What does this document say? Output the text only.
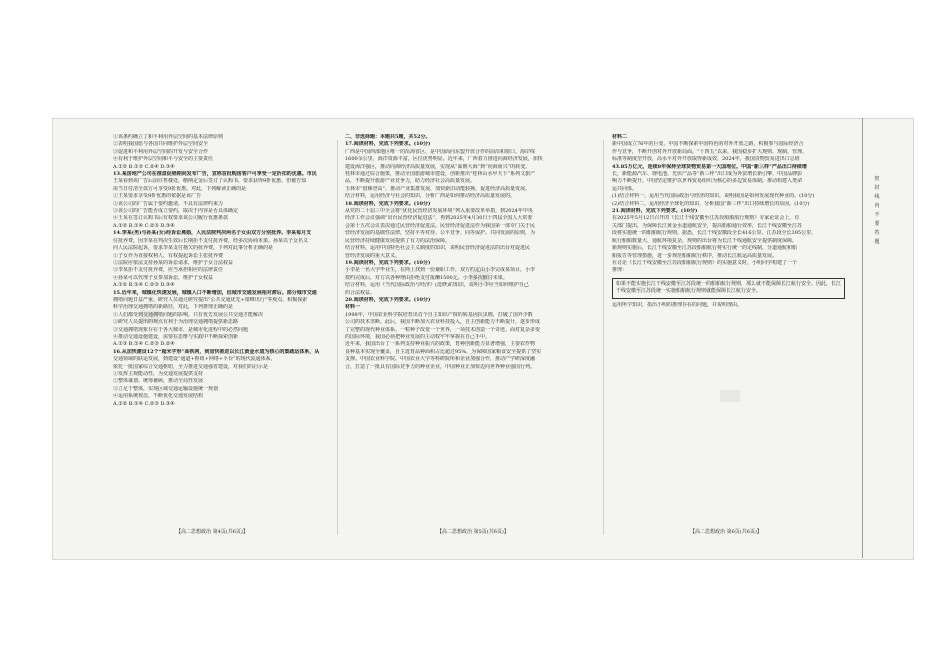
①该条约确立了和平利用外层空间的基本法律原则

②表明我国愿与各国共同维护外层空间安全

③促进和平利用外层空间的开发与安全合作

④有利于维护外层空间和平与安全的主要责任

A.①② B.①③ C.②④ D.③④

13.某房地产公司在推盘促销期间发布广告，宣称首批购房客户可享受一定折扣的优惠。市民

王某看到该广告后前往售楼处，缴纳定金后签订了认购书，要求获得9折优惠，但被告知

需当日付清全款方可享受9折优惠。对此，下列解读正确的是

①王某要求享受9折优惠的依据是该广告

②该公司的广告属于要约邀请，不具有法律约束力

③该公司的广告能否成立要约，取决于内容是否具体确定

④王某在签订认购书后有权要求该公司履行优惠条款

A.①② B.①④ C.②③ D.③④

14.李某(男)与孙某(女)经诉讼离婚，人民法院判决两名子女由双方分别抚养。李某每月支

付抚养费。因李某在判决生效后长期拒不支付抚养费，经多次协商未果。孙某以子女名义

向人民法院起诉，要求李某支付拖欠的抚养费。下列对此事分析正确的是

①子女作为直接权利人，有权提起诉讼主张抚养费

②法院应依法支持孙某的诉讼请求，维护子女合法权益

③李某拒不支付抚养费，应当承担相应的法律责任

④孙某可以代理子女参加诉讼，维护子女权益

A.①② B.①④ C.②③ D.③④

15.近年来，城镇化快速发展，城镇人口不断增加，但城市交通发展相对滞后。部分城市交通

拥堵问题日益严重。研究人员通过研究提出“公共交通优先+错峰出行”等观点。积极探索

科学治理交通拥堵的新路径，对此，下列推理正确的是

①人们都受到交通拥堵问题的影响，只有优先发展公共交通才能解决

②研究人员提出的观点有利于为治理交通拥堵提供新思路

③交通拥堵现象存在于各大城市，是城市化进程中的必然问题

④推动交通设施建设，需要在思维与实践中不断探索创新

A.①③ B.①④ C.②③ D.②④

16.从加快建设12个“超米字形”高铁网，到加快推进以长江黄金水道为核心的集疏运体系，从

交通领域的联运发展，到建设“通道+枢纽+网络+平台”的现代流通体系，

依托一批国家综合交通枢纽，全力推进交通强省建设，对我们的启示是

①发挥主观能动性，为交通发展提供支持

②整体谋划、统筹兼顾，推动全局性发展

③立足于整体，实现区域交通运输设施统一规划

④运用系统观念，不断优化交通发展结构

A.①② B.①④ C.②③ D.③④

二、非选择题：本题共5题，共52分。

17.阅读材料，完成下列要求。(10分)

广西是中国西部地区唯一的沿海省区，是中国面向东盟开放合作的前沿和窗口。海岸线

1600余公里，海洋资源丰富，区位优势明显。近年来，广西着力推进向海经济发展，加快

建设海洋强区，推动向海经济高质量发展，实现从“面朝大海”到“向海而兴”的转变。

桂林市通过综合施策，推动全国旅游城市建设，创新推出“桂林山水甲天下”系列文旅产

品，不断提升旅游产业竞争力，助力经济社会高质量发展。

玉林市“借梯登高”，推动产业集群发展，加快新旧动能转换，促进经济高质量发展。

结合材料，运用经济与社会的知识，分析广西是如何推动经济高质量发展的。

18.阅读材料，完成下列要求。(10分)

从党的二十届三中全会将“优化民营经济发展环境”列入重要改革举措，到2024年中央

经济工作会议强调“出台民营经济促进法”，再到2025年4月30日十四届全国人大常委

会第十五次会议表决通过民营经济促进法。民营经济促进法作为我国第一部专门关于民

营经济发展的基础性法律，坚持平等对待、公平竞争、同等保护、共同发展的原则，为

民营经济持续健康发展提供了有力的法治保障。

结合材料，运用中国特色社会主义制度的知识，说明民营经济促进法的出台对促进民

营经济发展的重大意义。

19.阅读材料，完成下列要求。(10分)

小李是一名大学毕业生，在网上找到一份兼职工作，双方约定由小李完成某项目，小李

按约完成后，对方以各种理由拒绝支付报酬1500元。小李多次催讨未果。

结合材料，运用《当代国际政治与经济》(选修)的知识，说明小李应当如何维护自己

的合法权益。

20.阅读材料，完成下列要求。(10分)

材料一

1998年，中国农业科学院培育出首个自主知识产权的转基因抗虫棉，打破了国外少数

公司的技术垄断。此后，我国不断加大农业科技投入，自主创新能力不断提升，逐步形成

了完整的现代种业体系。一粒种子改变一个世界，一项技术创造一个奇迹。面对复杂多变

的国际环境，我国必须把种业发展的主动权牢牢掌握在自己手中。

近年来，我国出台了一系列支持种业振兴的政策，育种创新能力显著增强，主要农作物

良种基本实现全覆盖，自主选育品种面积占比超过95%，为保障国家粮食安全提供了坚实

支撑。中国农业科学院、中国农业大学等科研院所和企业加强合作，推动产学研深度融

合，打造了一批具有国际竞争力的种业企业，中国种业正加快迈向世界种业强国行列。

材料二

新中国成立76年的巨变，中国不断探索中国特色的对外开放之路，积极参与国际经济合

作与竞争，不断开创对外开放新局面。“十四五”以来，我国稳步扩大规则、规制、管理、

标准等制度型开放，高水平对外开放取得新成效。2024年，我国货物贸易进出口总值

43.85万亿元，连续8年保持全球货物贸易第一大国地位。中国“新三样”产品出口持续增

长，新能源汽车、锂电池、光伏产品等“新三样”出口成为外贸增长新引擎，中国品牌影

响力不断提升。中国坚定维护以世界贸易组织为核心的多边贸易体制，推动构建人类命

运共同体。

(1)结合材料一，运用当代国际政治与经济的知识，说明我国是如何发展现代种业的。(10分)

(2)结合材料二，运用经济全球化的知识，分析我国“新三样”出口持续增长的原因。(10分)

21.阅读材料，完成下列要求。(10分)

在2025年5月12日召开的《长江干线安徽至江苏段船舶航行规则》专家论证会上，有

关部门提出，为保障长江黄金水道通航安全，提高船舶通行效率，长江干线安徽至江苏

段将实施统一的船舶航行规则。据悉，长江干线安徽段全长416公里，江苏段全长395公里，

航行船舶数量大、通航环境复杂，规则的出台将为长江干线通航安全提供制度保障。

新规则实施后，长江干线安徽至江苏段船舶航行将实行统一的定线制、分道通航和船

舶报告等管理措施，进一步规范船舶航行秩序，推动长江航运高质量发展。

在讨论《长江干线安徽至江苏段船舶航行规则》的实施意义时，小明同学构建了一个

推理：

如果不能实施长江干线安徽至江苏段统一的船舶航行规则，那么就不能保障长江航行安全。因此，长江干线安徽至江苏段统一实施船舶航行规则就能保障长江航行安全。

运用所学知识，指出小明的推理存在的问题，并说明理由。

【高二思想政治 第4页(共6页)】	【高二思想政治 第5页(共6页)】	【高二思想政治 第6页(共6页)】
密封线内不要答题
